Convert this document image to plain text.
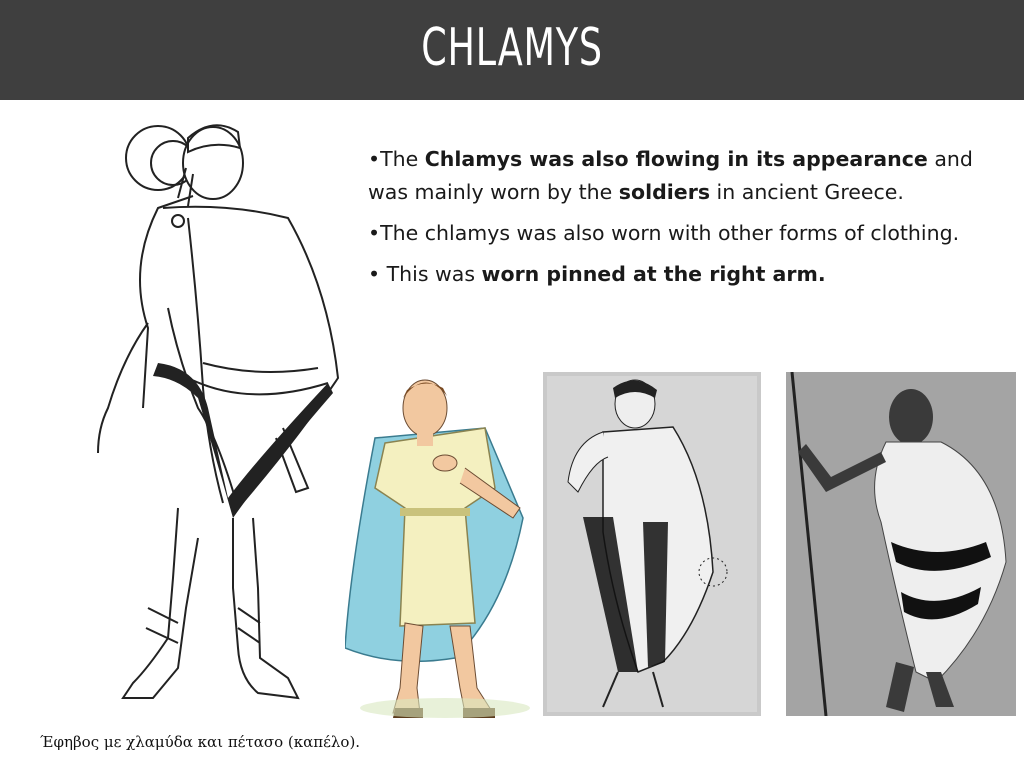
CHLAMYS

•The Chlamys was also flowing in its appearance and was mainly worn by the soldiers in ancient Greece.

•The chlamys was also worn with other forms of clothing.

• This was worn pinned at the right arm.

Έφηβος με χλαμύδα και πέτασο (καπέλο).
